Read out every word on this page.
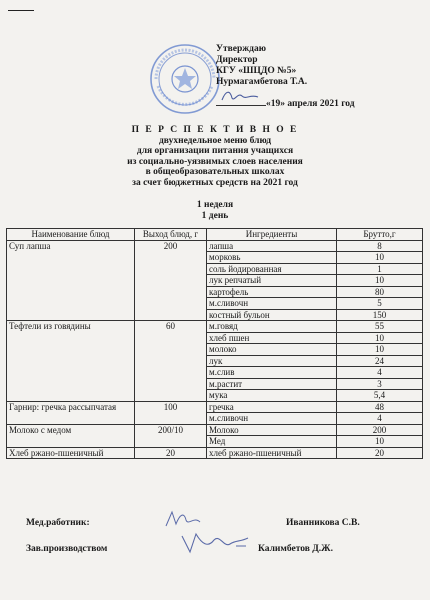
Утверждаю
Директор
КГУ «ШЦДО №5»
Нурмагамбетова Т.А.
«19» апреля 2021 год
П Е Р С П Е К Т И В Н О Е
двухнедельное меню блюд
для организации питания учащихся
из социально-уязвимых слоев населения
в общеобразовательных школах
за счет бюджетных средств на 2021 год
1 неделя
1 день
Наименование блюд	Выход блюд, г	Ингредиенты	Брутто,г
Суп лапша	200	лапша	8
		морковь	10
		соль йодированная	1
		лук репчатый	10
		картофель	80
		м.сливочн	5
		костный бульон	150
Тефтели из говядины	60	м.говяд	55
		хлеб пшен	10
		молоко	10
		лук	24
		м.слив	4
		м.растит	3
		мука	5,4
Гарнир: гречка рассыпчатая	100	гречка	48
		м.сливочн	4
Молоко с медом	200/10	Молоко	200
		Мед	10
Хлеб ржано-пшеничный	20	хлеб ржано-пшеничный	20
Мед.работник:	Иванникова С.В.
Зав.производством	Калимбетов Д.Ж.
